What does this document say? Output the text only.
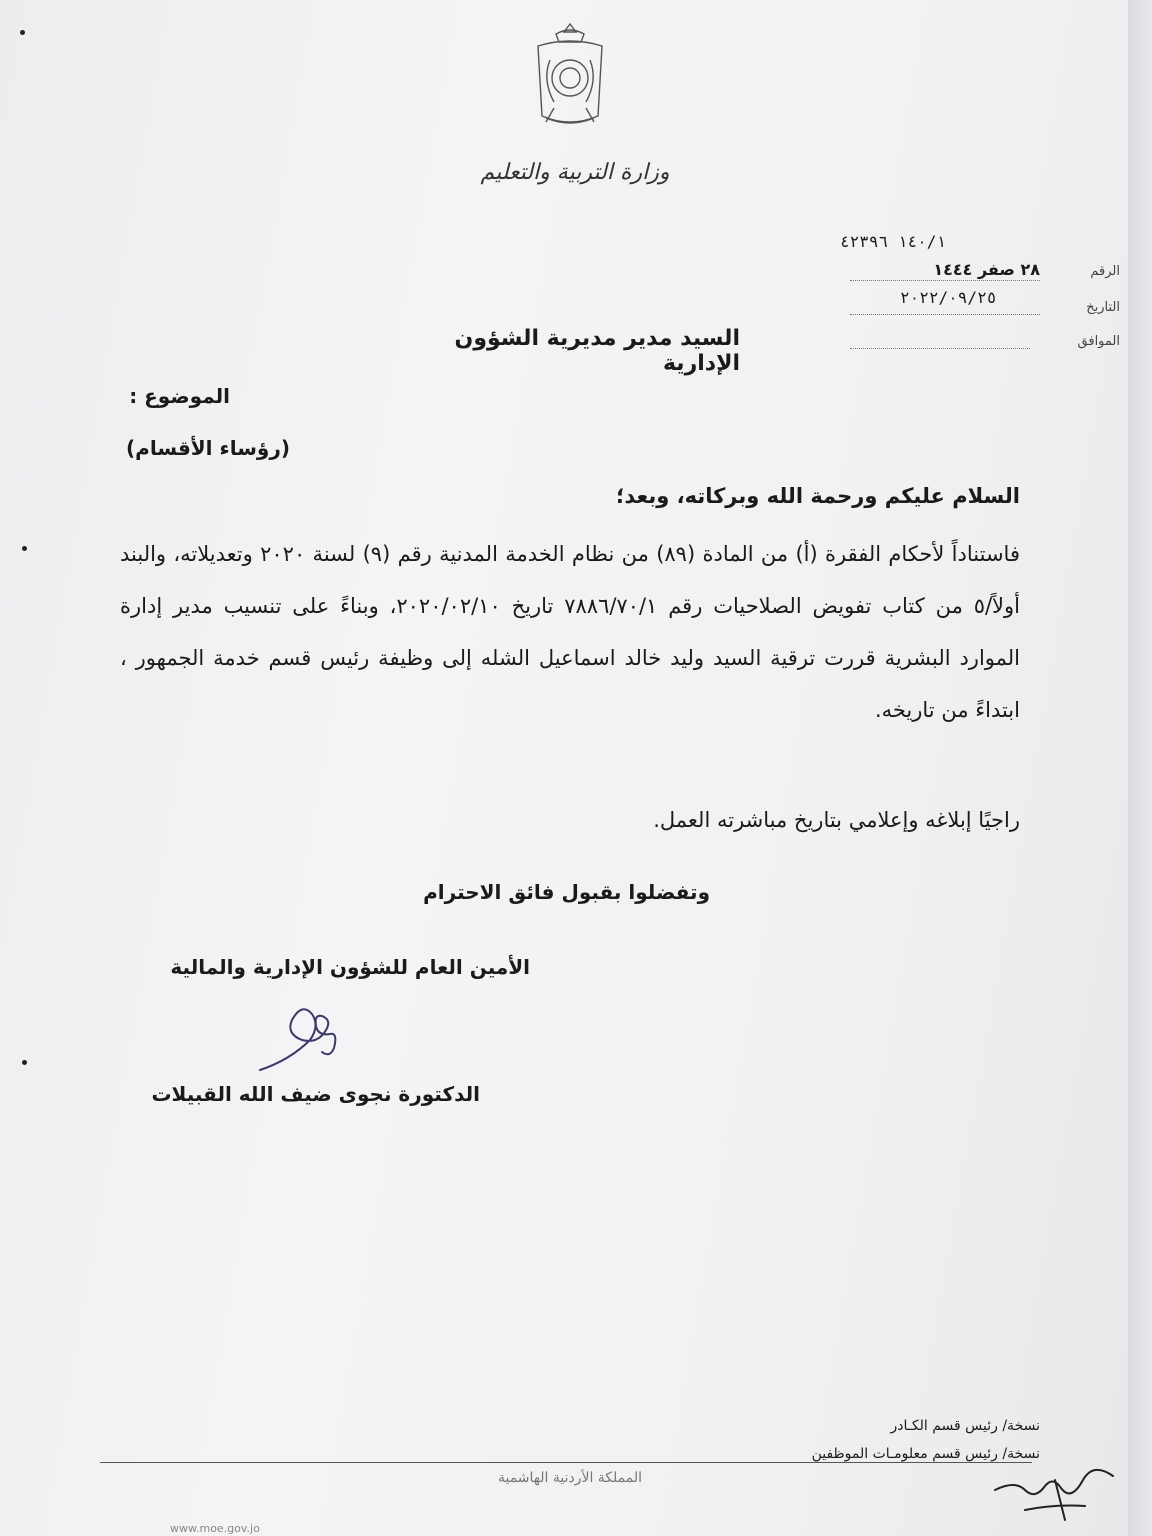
وزارة التربية والتعليم
١٤٠/١ ٤٢٣٩٦
الرقم
٢٨ صفر ١٤٤٤
التاريخ
٢٠٢٢/٠٩/٢٥
الموافق
السيد مدير مديرية الشؤون الإدارية
الموضوع :
(رؤساء الأقسام)
السلام عليكم ورحمة الله وبركاته، وبعد؛
فاستناداً لأحكام الفقرة (أ) من المادة (٨٩) من نظام الخدمة المدنية رقم (٩) لسنة ٢٠٢٠ وتعديلاته، والبند أولاً/٥ من كتاب تفويض الصلاحيات رقم ٧٨٨٦/٧٠/١ تاريخ ٢٠٢٠/٠٢/١٠، وبناءً على تنسيب مدير إدارة الموارد البشرية قررت ترقية السيد وليد خالد اسماعيل الشله إلى وظيفة رئيس قسم خدمة الجمهور ، ابتداءً من تاريخه.
راجيًا إبلاغه وإعلامي بتاريخ مباشرته العمل.
وتفضلوا بقبول فائق الاحترام
الأمين العام للشؤون الإدارية والمالية
الدكتورة نجوى ضيف الله القبيلات
نسخة/ رئيس قسم الكـادر
نسخة/ رئيس قسم معلومـات الموظفين
المملكة الأردنية الهاشمية
www.moe.gov.jo
